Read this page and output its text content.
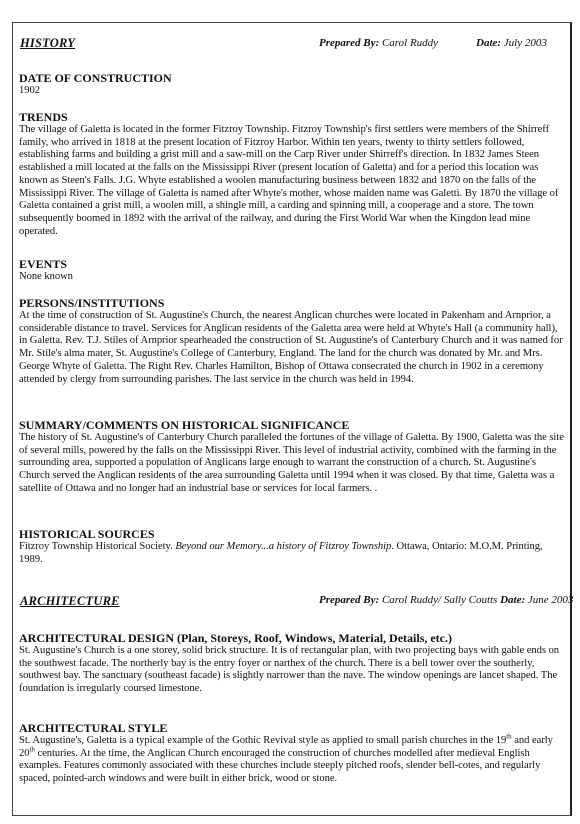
HISTORY	Prepared By: Carol Ruddy	Date: July 2003
DATE OF CONSTRUCTION

1902

TRENDS

The village of Galetta is located in the former Fitzroy Township. Fitzroy Township's first settlers were members of the Shirreff family, who arrived in 1818 at the present location of Fitzroy Harbor. Within ten years, twenty to thirty settlers followed, establishing farms and building a grist mill and a saw-mill on the Carp River under Shirreff's direction. In 1832 James Steen established a mill located at the falls on the Mississippi River (present location of Galetta) and for a period this location was known as Steen's Falls. J.G. Whyte established a woolen manufacturing business between 1832 and 1870 on the falls of the Mississippi River. The village of Galetta is named after Whyte's mother, whose maiden name was Galetti. By 1870 the village of Galetta contained a grist mill, a woolen mill, a shingle mill, a carding and spinning mill, a cooperage and a store. The town subsequently boomed in 1892 with the arrival of the railway, and during the First World War when the Kingdon lead mine operated.

EVENTS

None known

PERSONS/INSTITUTIONS

At the time of construction of St. Augustine's Church, the nearest Anglican churches were located in Pakenham and Arnprior, a considerable distance to travel. Services for Anglican residents of the Galetta area were held at Whyte's Hall (a community hall), in Galetta. Rev. T.J. Stiles of Arnprior spearheaded the construction of St. Augustine's of Canterbury Church and it was named for Mr. Stile's alma mater, St. Augustine's College of Canterbury, England. The land for the church was donated by Mr. and Mrs. George Whyte of Galetta. The Right Rev. Charles Hamilton, Bishop of Ottawa consecrated the church in 1902 in a ceremony attended by clergy from surrounding parishes. The last service in the church was held in 1994.

SUMMARY/COMMENTS ON HISTORICAL SIGNIFICANCE

The history of St. Augustine's of Canterbury Church paralleled the fortunes of the village of Galetta. By 1900, Galetta was the site of several mills, powered by the falls on the Mississippi River. This level of industrial activity, combined with the farming in the surrounding area, supported a population of Anglicans large enough to warrant the construction of a church. St. Augustine's Church served the Anglican residents of the area surrounding Galetta until 1994 when it was closed. By that time, Galetta was a satellite of Ottawa and no longer had an industrial base or services for local farmers. .

HISTORICAL SOURCES

Fitzroy Township Historical Society. Beyond our Memory...a history of Fitzroy Township. Ottawa, Ontario: M.O.M. Printing, 1989.

ARCHITECTURE	Prepared By: Carol Ruddy/ Sally Coutts Date: June 2003
ARCHITECTURAL DESIGN (Plan, Storeys, Roof, Windows, Material, Details, etc.)

St. Augustine's Church is a one storey, solid brick structure. It is of rectangular plan, with two projecting bays with gable ends on the southwest facade. The northerly bay is the entry foyer or narthex of the church. There is a bell tower over the southerly, southwest bay. The sanctuary (southeast facade) is slightly narrower than the nave. The window openings are lancet shaped. The foundation is irregularly coursed limestone.

ARCHITECTURAL STYLE

St. Augustine's, Galetta is a typical example of the Gothic Revival style as applied to small parish churches in the 19th and early 20th centuries. At the time, the Anglican Church encouraged the construction of churches modelled after medieval English examples. Features commonly associated with these churches include steeply pitched roofs, slender bell-cotes, and regularly spaced, pointed-arch windows and were built in either brick, wood or stone.
